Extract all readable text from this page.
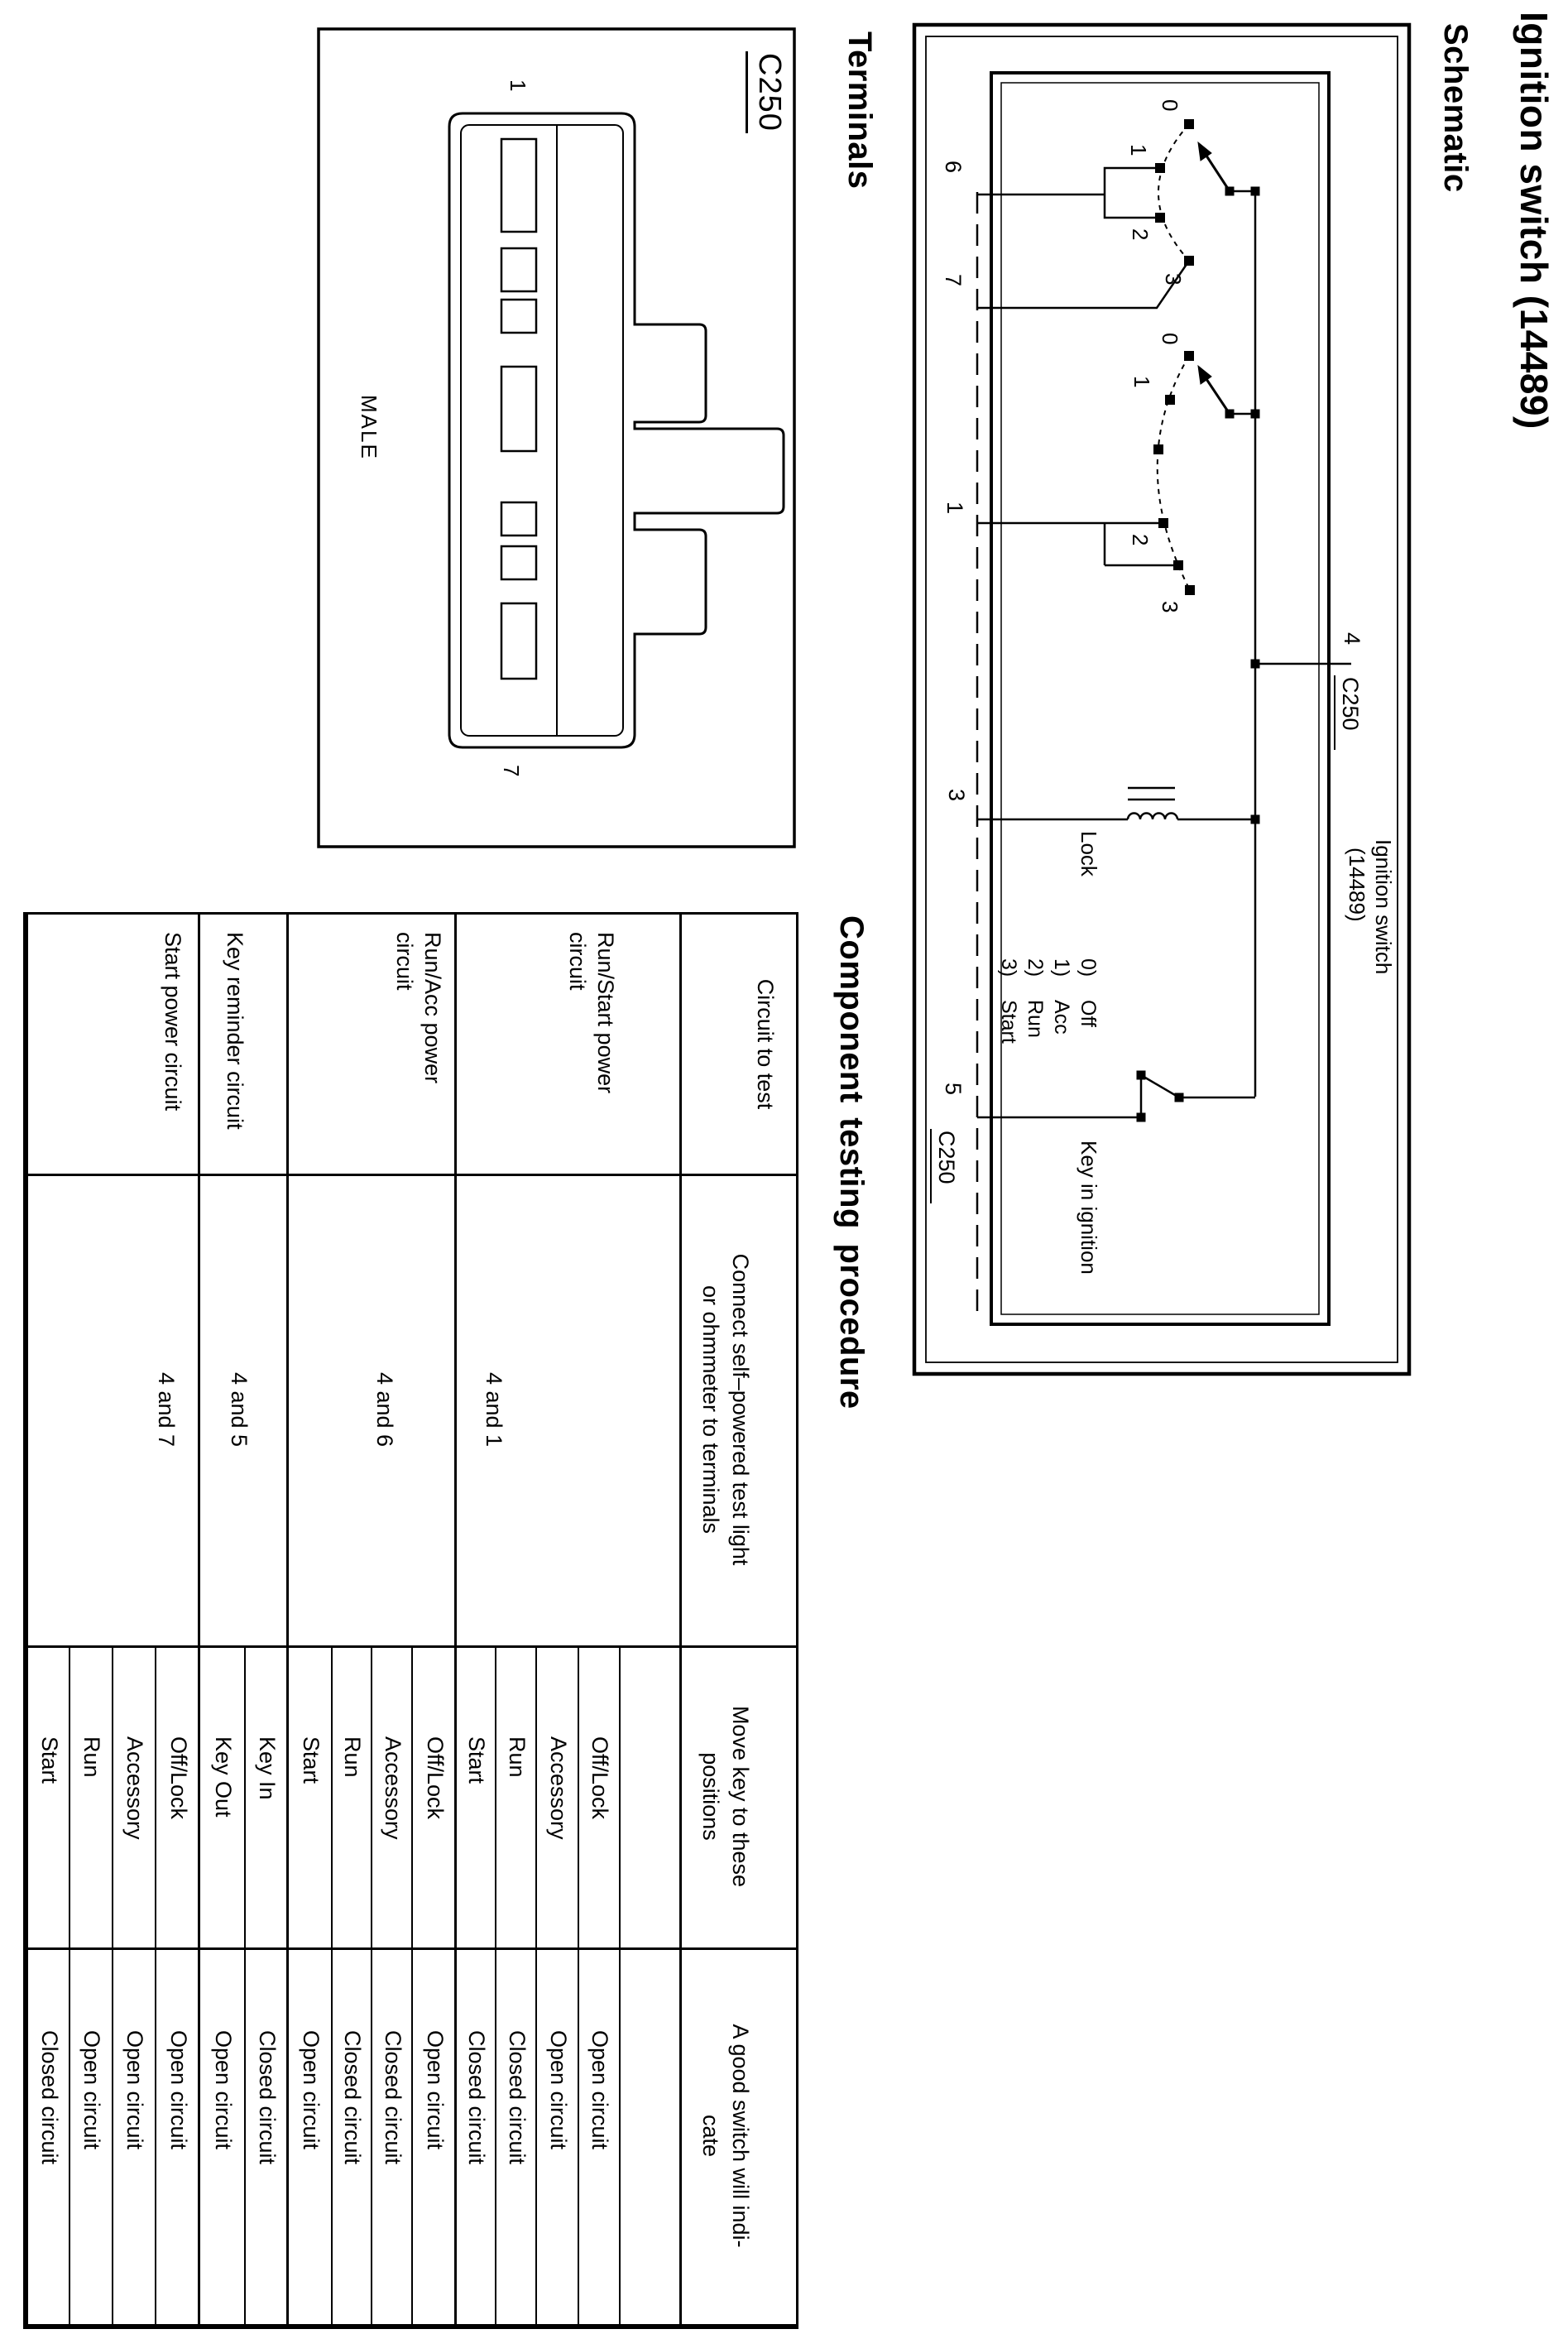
Ignition switch (14489)
Schematic
0
1
2
3
0
1
2
3
4
C250
Ignition switch
(14489)
Lock
Key in ignition
6
7
1
3
5
C250
0)
Off
1)
Acc
2)
Run
3)
Start
Terminals
1
7
MALE
C250
Component testing procedure
Circuit to test
Connect self–powered test light
or ohmmeter to terminals
Move key to these
positions
A good switch will indi-
cate
Run/Start power
circuit
Run/Acc power
circuit
Key reminder circuit
Start power circuit
4 and 1
4 and 6
4 and 5
4 and 7
Off/Lock
Open circuit
Accessory
Open circuit
Run
Closed circuit
Start
Closed circuit
Off/Lock
Open circuit
Accessory
Closed circuit
Run
Closed circuit
Start
Open circuit
Key In
Closed circuit
Key Out
Open circuit
Off/Lock
Open circuit
Accessory
Open circuit
Run
Open circuit
Start
Closed circuit
